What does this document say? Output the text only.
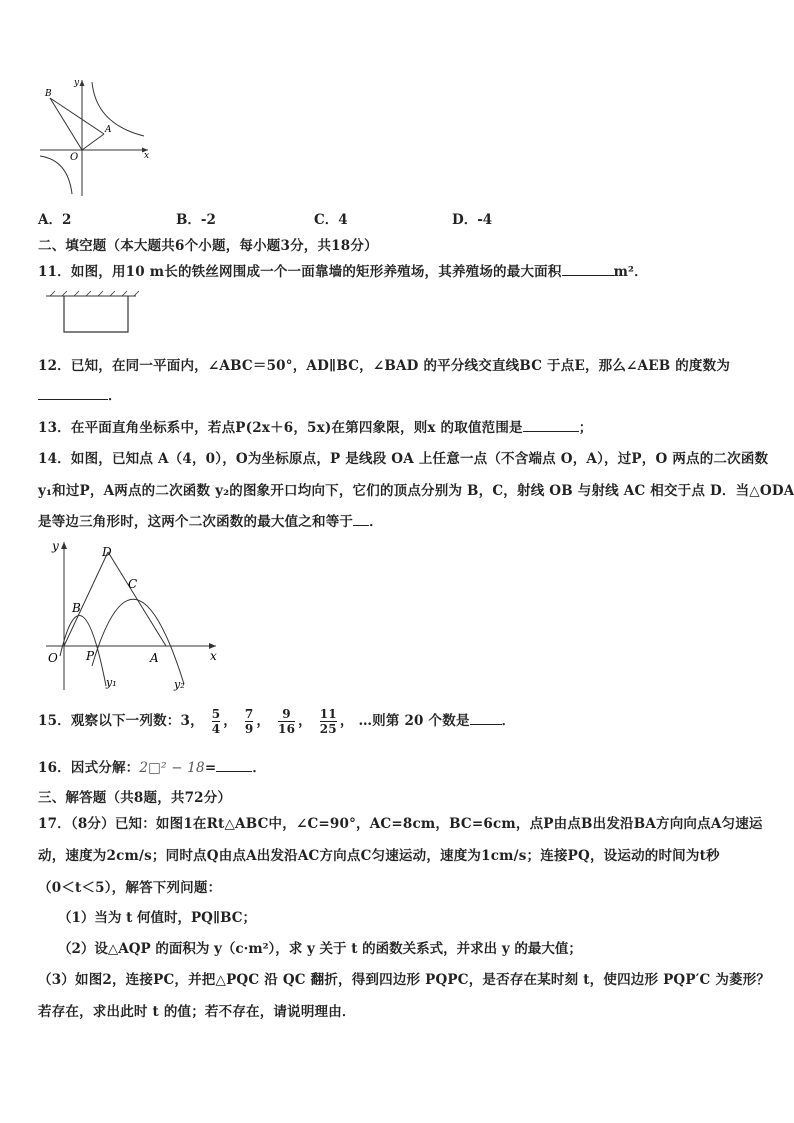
y
x
O
B
A
A．2	B．-2	C．4	D．-4
二、填空题（本大题共6个小题，每小题3分，共18分）
11．如图，用10 m长的铁丝网围成一个一面靠墙的矩形养殖场，其养殖场的最大面积	m²．
12．已知，在同一平面内，∠ABC＝50°，AD∥BC，∠BAD 的平分线交直线BC 于点E，那么∠AEB 的度数为
．
13．在平面直角坐标系中，若点P(2x＋6，5x)在第四象限，则x 的取值范围是	；
14．如图，已知点 A（4，0），O为坐标原点，P 是线段 OA 上任意一点（不含端点 O，A），过P，O 两点的二次函数
y₁和过P，A两点的二次函数 y₂的图象开口均向下，它们的顶点分别为 B，C，射线 OB 与射线 AC 相交于点 D．当△ODA
是等边三角形时，这两个二次函数的最大值之和等于 ．
y
x
O P	A
B
C
D
y₁	y₂
15．观察以下一列数：3， $\frac{5}{4}$ ， $\frac{7}{9}$ ， $\frac{9}{16}$ ， $\frac{11}{25}$ ， …则第 20 个数是 ．
16．因式分解：2□² − 18=	．
三、解答题（共8题，共72分）
17．（8分）已知：如图1在Rt△ABC中，∠C=90°，AC=8cm，BC=6cm，点P由点B出发沿BA方向向点A匀速运
动，速度为2cm/s；同时点Q由点A出发沿AC方向点C匀速运动，速度为1cm/s；连接PQ，设运动的时间为t秒
（0＜t＜5），解答下列问题：
（1）当为 t 何值时，PQ∥BC；
（2）设△AQP 的面积为 y（c·m²），求 y 关于 t 的函数关系式，并求出 y 的最大值；
（3）如图2，连接PC，并把△PQC 沿 QC 翻折，得到四边形 PQPC，是否存在某时刻 t，使四边形 PQP′C 为菱形？
若存在，求出此时 t 的值；若不存在，请说明理由．
